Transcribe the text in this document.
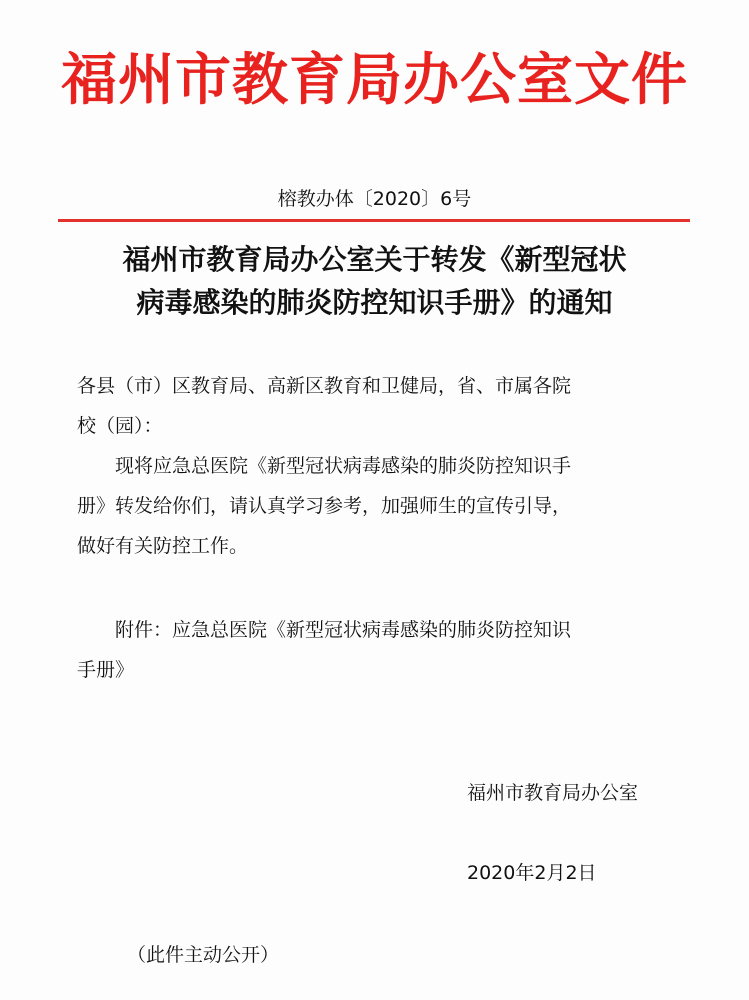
福州市教育局办公室文件
榕教办体〔2020〕6号
福州市教育局办公室关于转发《新型冠状
病毒感染的肺炎防控知识手册》的通知
各县（市）区教育局、高新区教育和卫健局，省、市属各院
校（园）：
现将应急总医院《新型冠状病毒感染的肺炎防控知识手
册》转发给你们，请认真学习参考，加强师生的宣传引导，
做好有关防控工作。
附件：应急总医院《新型冠状病毒感染的肺炎防控知识
手册》
福州市教育局办公室
2020年2月2日
（此件主动公开）
